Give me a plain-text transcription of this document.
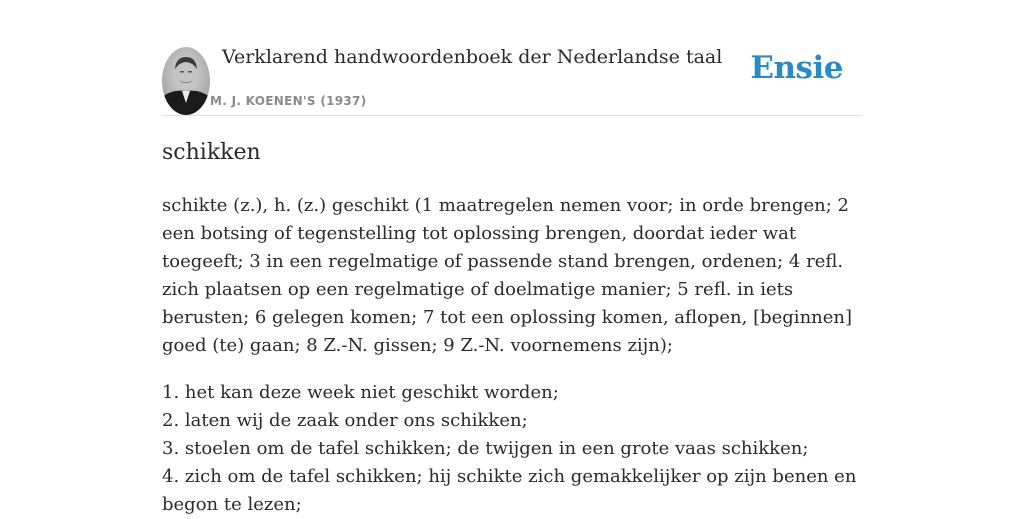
Verklarend handwoordenboek der Nederlandse taal
M. J. KOENEN'S (1937)
Ensie
schikken

schikte (z.), h. (z.) geschikt (1 maatregelen nemen voor; in orde brengen; 2 een botsing of tegenstelling tot oplossing brengen, doordat ieder wat toegeeft; 3 in een regelmatige of passende stand brengen, ordenen; 4 refl. zich plaatsen op een regelmatige of doelmatige manier; 5 refl. in iets berusten; 6 gelegen komen; 7 tot een oplossing komen, aflopen, [beginnen] goed (te) gaan; 8 Z.-N. gissen; 9 Z.-N. voornemens zijn);

1. het kan deze week niet geschikt worden;
2. laten wij de zaak onder ons schikken;
3. stoelen om de tafel schikken; de twijgen in een grote vaas schikken;
4. zich om de tafel schikken; hij schikte zich gemakkelijker op zijn benen en begon te lezen;
